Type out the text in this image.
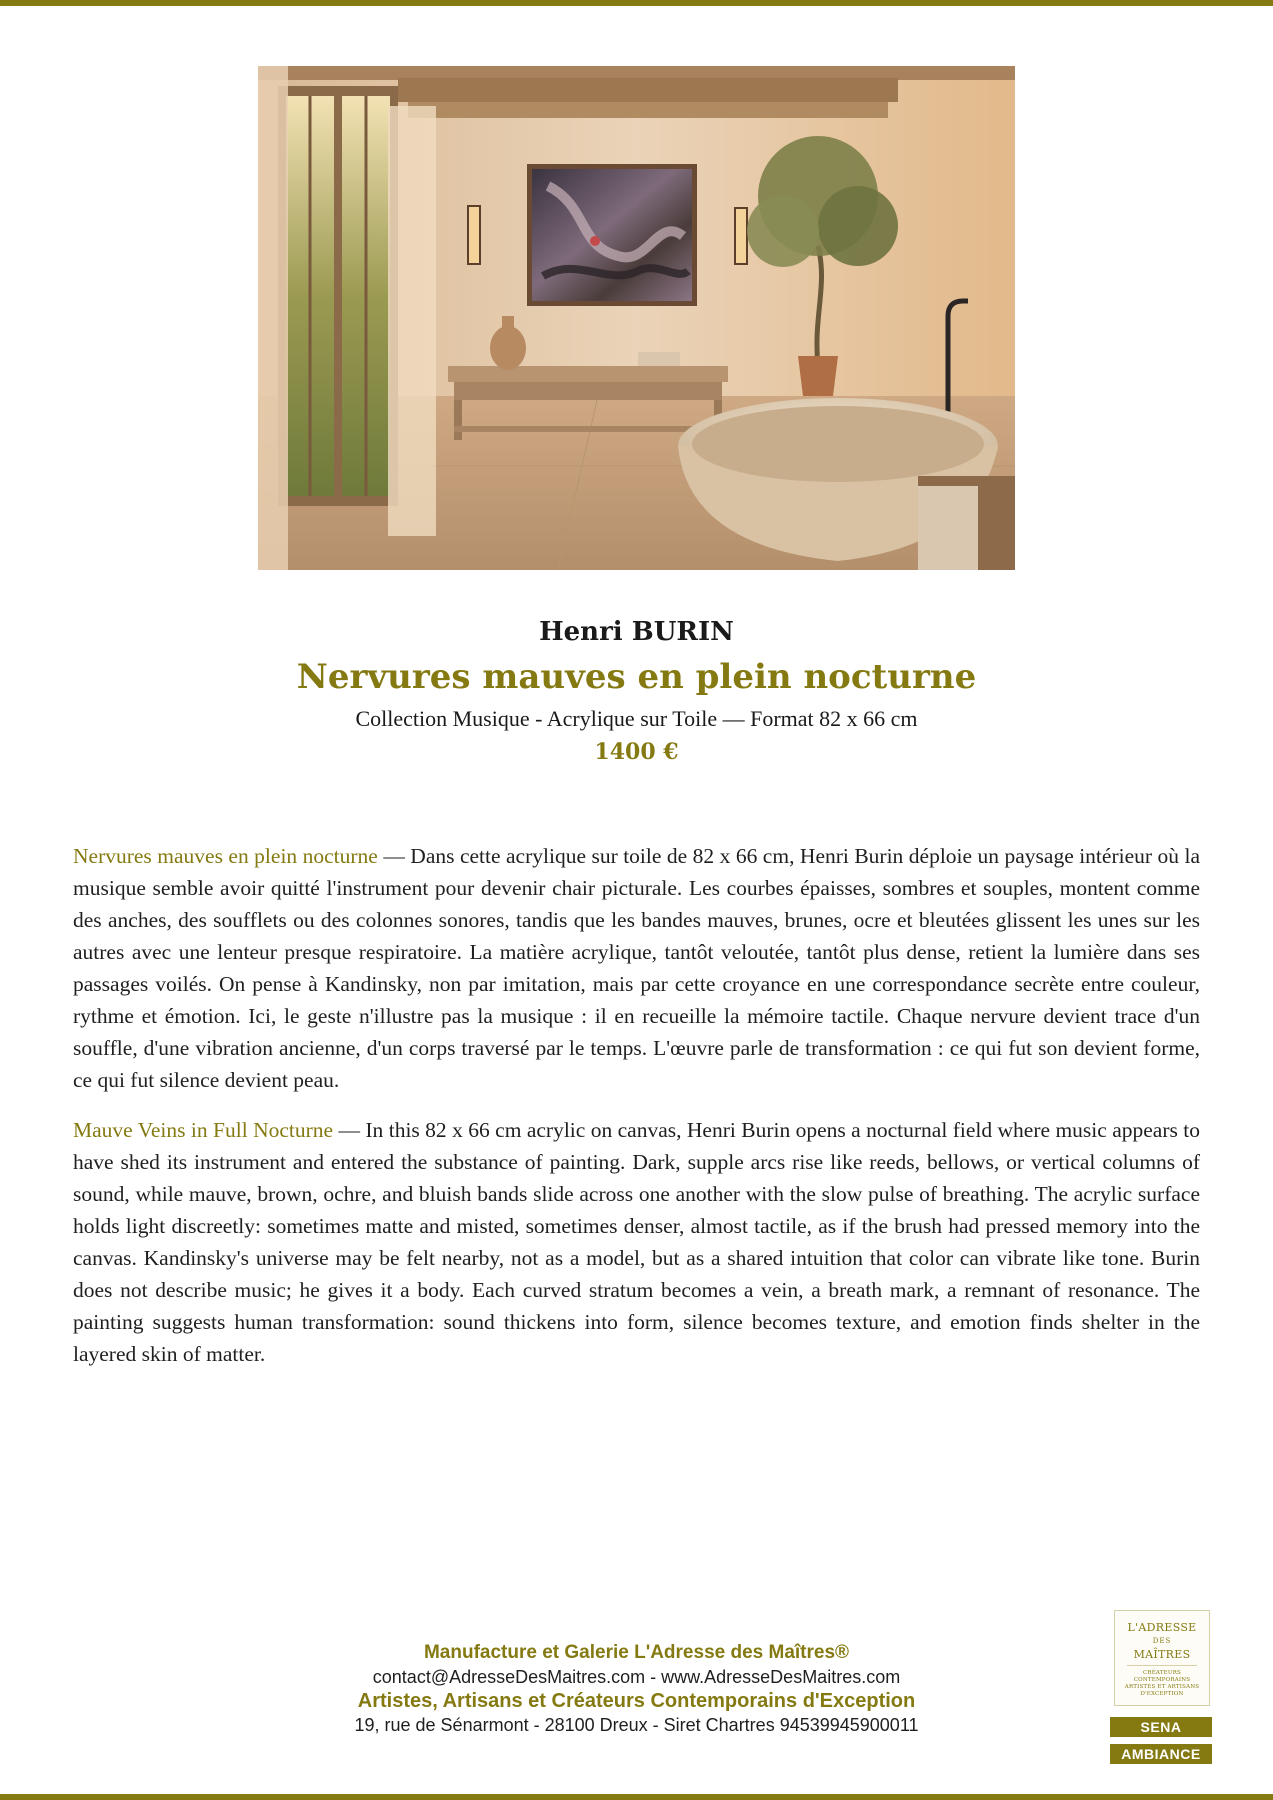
Henri BURIN
Nervures mauves en plein nocturne
Collection Musique - Acrylique sur Toile — Format 82 x 66 cm
1400 €

Nervures mauves en plein nocturne — Dans cette acrylique sur toile de 82 x 66 cm, Henri Burin déploie un paysage intérieur où la musique semble avoir quitté l'instrument pour devenir chair picturale. Les courbes épaisses, sombres et souples, montent comme des anches, des soufflets ou des colonnes sonores, tandis que les bandes mauves, brunes, ocre et bleutées glissent les unes sur les autres avec une lenteur presque respiratoire. La matière acrylique, tantôt veloutée, tantôt plus dense, retient la lumière dans ses passages voilés. On pense à Kandinsky, non par imitation, mais par cette croyance en une correspondance secrète entre couleur, rythme et émotion. Ici, le geste n'illustre pas la musique : il en recueille la mémoire tactile. Chaque nervure devient trace d'un souffle, d'une vibration ancienne, d'un corps traversé par le temps. L'œuvre parle de transformation : ce qui fut son devient forme, ce qui fut silence devient peau.

Mauve Veins in Full Nocturne — In this 82 x 66 cm acrylic on canvas, Henri Burin opens a nocturnal field where music appears to have shed its instrument and entered the substance of painting. Dark, supple arcs rise like reeds, bellows, or vertical columns of sound, while mauve, brown, ochre, and bluish bands slide across one another with the slow pulse of breathing. The acrylic surface holds light discreetly: sometimes matte and misted, sometimes denser, almost tactile, as if the brush had pressed memory into the canvas. Kandinsky's universe may be felt nearby, not as a model, but as a shared intuition that color can vibrate like tone. Burin does not describe music; he gives it a body. Each curved stratum becomes a vein, a breath mark, a remnant of resonance. The painting suggests human transformation: sound thickens into form, silence becomes texture, and emotion finds shelter in the layered skin of matter.

Manufacture et Galerie L'Adresse des Maîtres®
contact@AdresseDesMaitres.com - www.AdresseDesMaitres.com
Artistes, Artisans et Créateurs Contemporains d'Exception
19, rue de Sénarmont - 28100 Dreux - Siret Chartres 94539945900011
L'ADRESSE
DES
MAÎTRES
CRÉATEURS CONTEMPORAINS ARTISTES ET ARTISANS D'EXCEPTION
SENA
AMBIANCE
